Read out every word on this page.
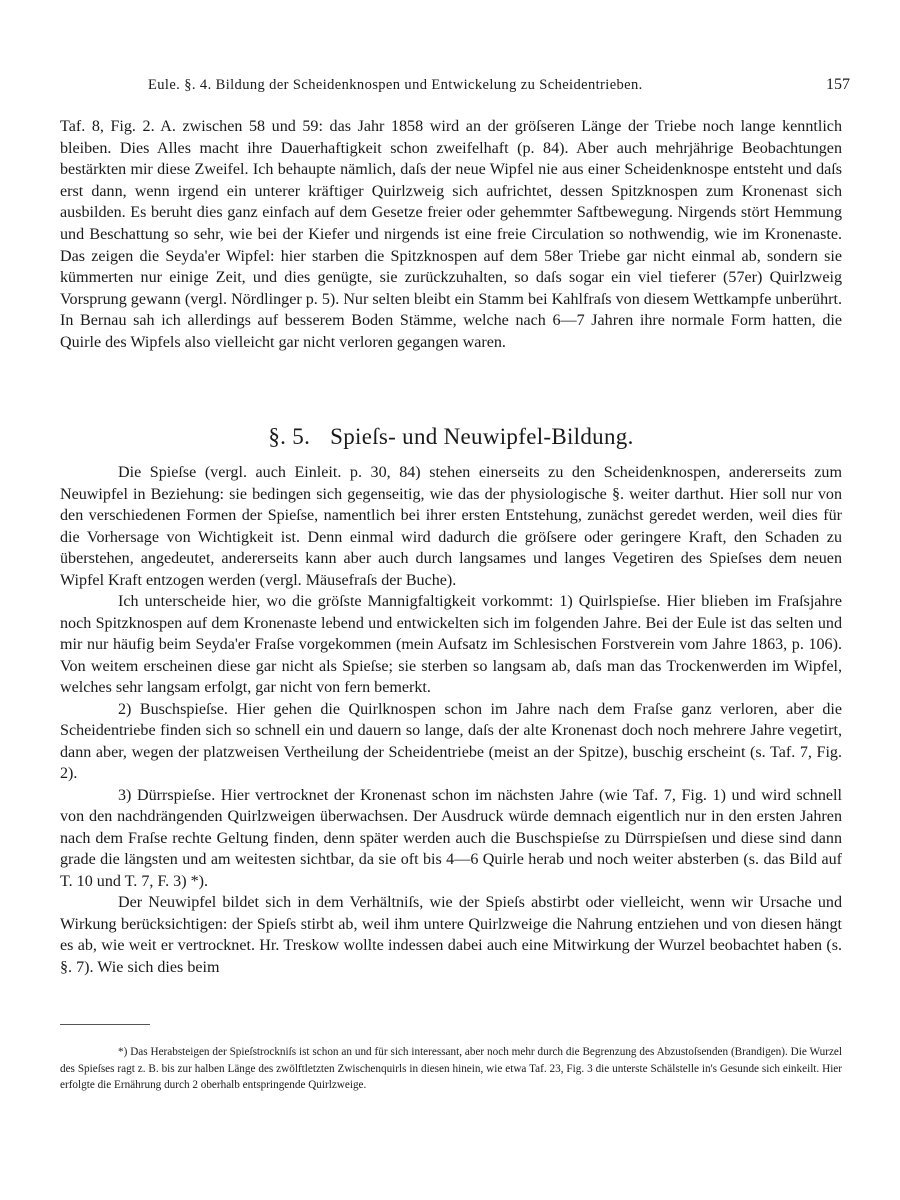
Eule. §. 4. Bildung der Scheidenknospen und Entwickelung zu Scheidentrieben.	157

Taf. 8, Fig. 2. A. zwischen 58 und 59: das Jahr 1858 wird an der gröſseren Länge der Triebe noch lange kenntlich bleiben. Dies Alles macht ihre Dauerhaftigkeit schon zweifelhaft (p. 84). Aber auch mehrjährige Beobachtungen bestärkten mir diese Zweifel. Ich behaupte nämlich, daſs der neue Wipfel nie aus einer Scheidenknospe entsteht und daſs erst dann, wenn irgend ein unterer kräftiger Quirlzweig sich aufrichtet, dessen Spitzknospen zum Kronenast sich ausbilden. Es beruht dies ganz einfach auf dem Gesetze freier oder gehemmter Saftbewegung. Nirgends stört Hemmung und Beschattung so sehr, wie bei der Kiefer und nirgends ist eine freie Circulation so nothwendig, wie im Kronenaste. Das zeigen die Seyda'er Wipfel: hier starben die Spitzknospen auf dem 58er Triebe gar nicht einmal ab, sondern sie kümmerten nur einige Zeit, und dies genügte, sie zurückzuhalten, so daſs sogar ein viel tieferer (57er) Quirlzweig Vorsprung gewann (vergl. Nördlinger p. 5). Nur selten bleibt ein Stamm bei Kahlfraſs von diesem Wettkampfe unberührt. In Bernau sah ich allerdings auf besserem Boden Stämme, welche nach 6—7 Jahren ihre normale Form hatten, die Quirle des Wipfels also vielleicht gar nicht verloren gegangen waren.

§. 5. Spieſs- und Neuwipfel-Bildung.

Die Spieſse (vergl. auch Einleit. p. 30, 84) stehen einerseits zu den Scheidenknospen, andererseits zum Neuwipfel in Beziehung: sie bedingen sich gegenseitig, wie das der physiologische §. weiter darthut. Hier soll nur von den verschiedenen Formen der Spieſse, namentlich bei ihrer ersten Entstehung, zunächst geredet werden, weil dies für die Vorhersage von Wichtigkeit ist. Denn einmal wird dadurch die gröſsere oder geringere Kraft, den Schaden zu überstehen, angedeutet, andererseits kann aber auch durch langsames und langes Vegetiren des Spieſses dem neuen Wipfel Kraft entzogen werden (vergl. Mäusefraſs der Buche).

Ich unterscheide hier, wo die gröſste Mannigfaltigkeit vorkommt: 1) Quirlspieſse. Hier blieben im Fraſsjahre noch Spitzknospen auf dem Kronenaste lebend und entwickelten sich im folgenden Jahre. Bei der Eule ist das selten und mir nur häufig beim Seyda'er Fraſse vorgekommen (mein Aufsatz im Schlesischen Forstverein vom Jahre 1863, p. 106). Von weitem erscheinen diese gar nicht als Spieſse; sie sterben so langsam ab, daſs man das Trockenwerden im Wipfel, welches sehr langsam erfolgt, gar nicht von fern bemerkt.

2) Buschspieſse. Hier gehen die Quirlknospen schon im Jahre nach dem Fraſse ganz verloren, aber die Scheidentriebe finden sich so schnell ein und dauern so lange, daſs der alte Kronenast doch noch mehrere Jahre vegetirt, dann aber, wegen der platzweisen Vertheilung der Scheidentriebe (meist an der Spitze), buschig erscheint (s. Taf. 7, Fig. 2).

3) Dürrspieſse. Hier vertrocknet der Kronenast schon im nächsten Jahre (wie Taf. 7, Fig. 1) und wird schnell von den nachdrängenden Quirlzweigen überwachsen. Der Ausdruck würde demnach eigentlich nur in den ersten Jahren nach dem Fraſse rechte Geltung finden, denn später werden auch die Buschspieſse zu Dürrspieſsen und diese sind dann grade die längsten und am weitesten sichtbar, da sie oft bis 4—6 Quirle herab und noch weiter absterben (s. das Bild auf T. 10 und T. 7, F. 3) *).

Der Neuwipfel bildet sich in dem Verhältniſs, wie der Spieſs abstirbt oder vielleicht, wenn wir Ursache und Wirkung berücksichtigen: der Spieſs stirbt ab, weil ihm untere Quirlzweige die Nahrung entziehen und von diesen hängt es ab, wie weit er vertrocknet. Hr. Treskow wollte indessen dabei auch eine Mitwirkung der Wurzel beobachtet haben (s. §. 7). Wie sich dies beim

*) Das Herabsteigen der Spieſstrockniſs ist schon an und für sich interessant, aber noch mehr durch die Begrenzung des Abzustoſsenden (Brandigen). Die Wurzel des Spieſses ragt z. B. bis zur halben Länge des zwölftletzten Zwischenquirls in diesen hinein, wie etwa Taf. 23, Fig. 3 die unterste Schälstelle in's Gesunde sich einkeilt. Hier erfolgte die Ernährung durch 2 oberhalb entspringende Quirlzweige.
